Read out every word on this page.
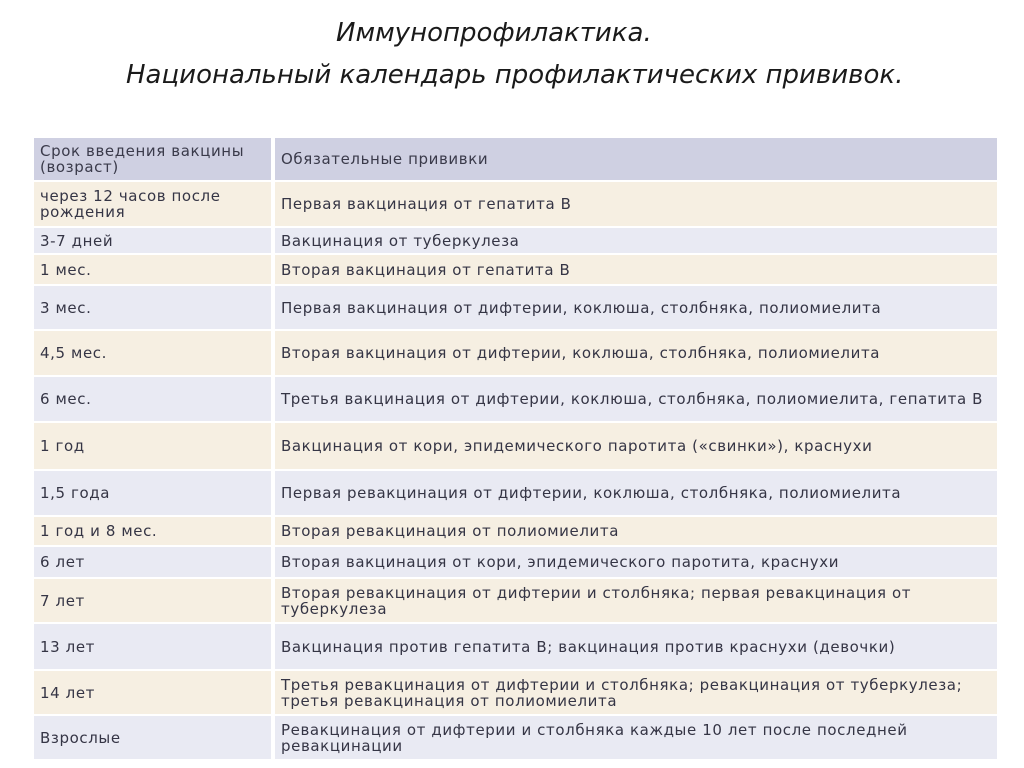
Иммунопрофилактика.
Национальный календарь профилактических прививок.
Срок введения вакцины (возраст)	Обязательные прививки
через 12 часов после рождения	Первая вакцинация от гепатита В
3-7 дней	Вакцинация от туберкулеза
1 мес.	Вторая вакцинация от гепатита В
3 мес.	Первая вакцинация от дифтерии, коклюша, столбняка, полиомиелита
4,5 мес.	Вторая вакцинация от дифтерии, коклюша, столбняка, полиомиелита
6 мес.	Третья вакцинация от дифтерии, коклюша, столбняка, полиомиелита, гепатита В
1 год	Вакцинация от кори, эпидемического паротита («свинки»), краснухи
1,5 года	Первая ревакцинация от дифтерии, коклюша, столбняка, полиомиелита
1 год и 8 мес.	Вторая ревакцинация от полиомиелита
6 лет	Вторая вакцинация от кори, эпидемического паротита, краснухи
7 лет	Вторая ревакцинация от дифтерии и столбняка; первая ревакцинация от туберкулеза
13 лет	Вакцинация против гепатита В; вакцинация против краснухи (девочки)
14 лет	Третья ревакцинация от дифтерии и столбняка; ревакцинация от туберкулеза; третья ревакцинация от полиомиелита
Взрослые	Ревакцинация от дифтерии и столбняка каждые 10 лет после последней ревакцинации
